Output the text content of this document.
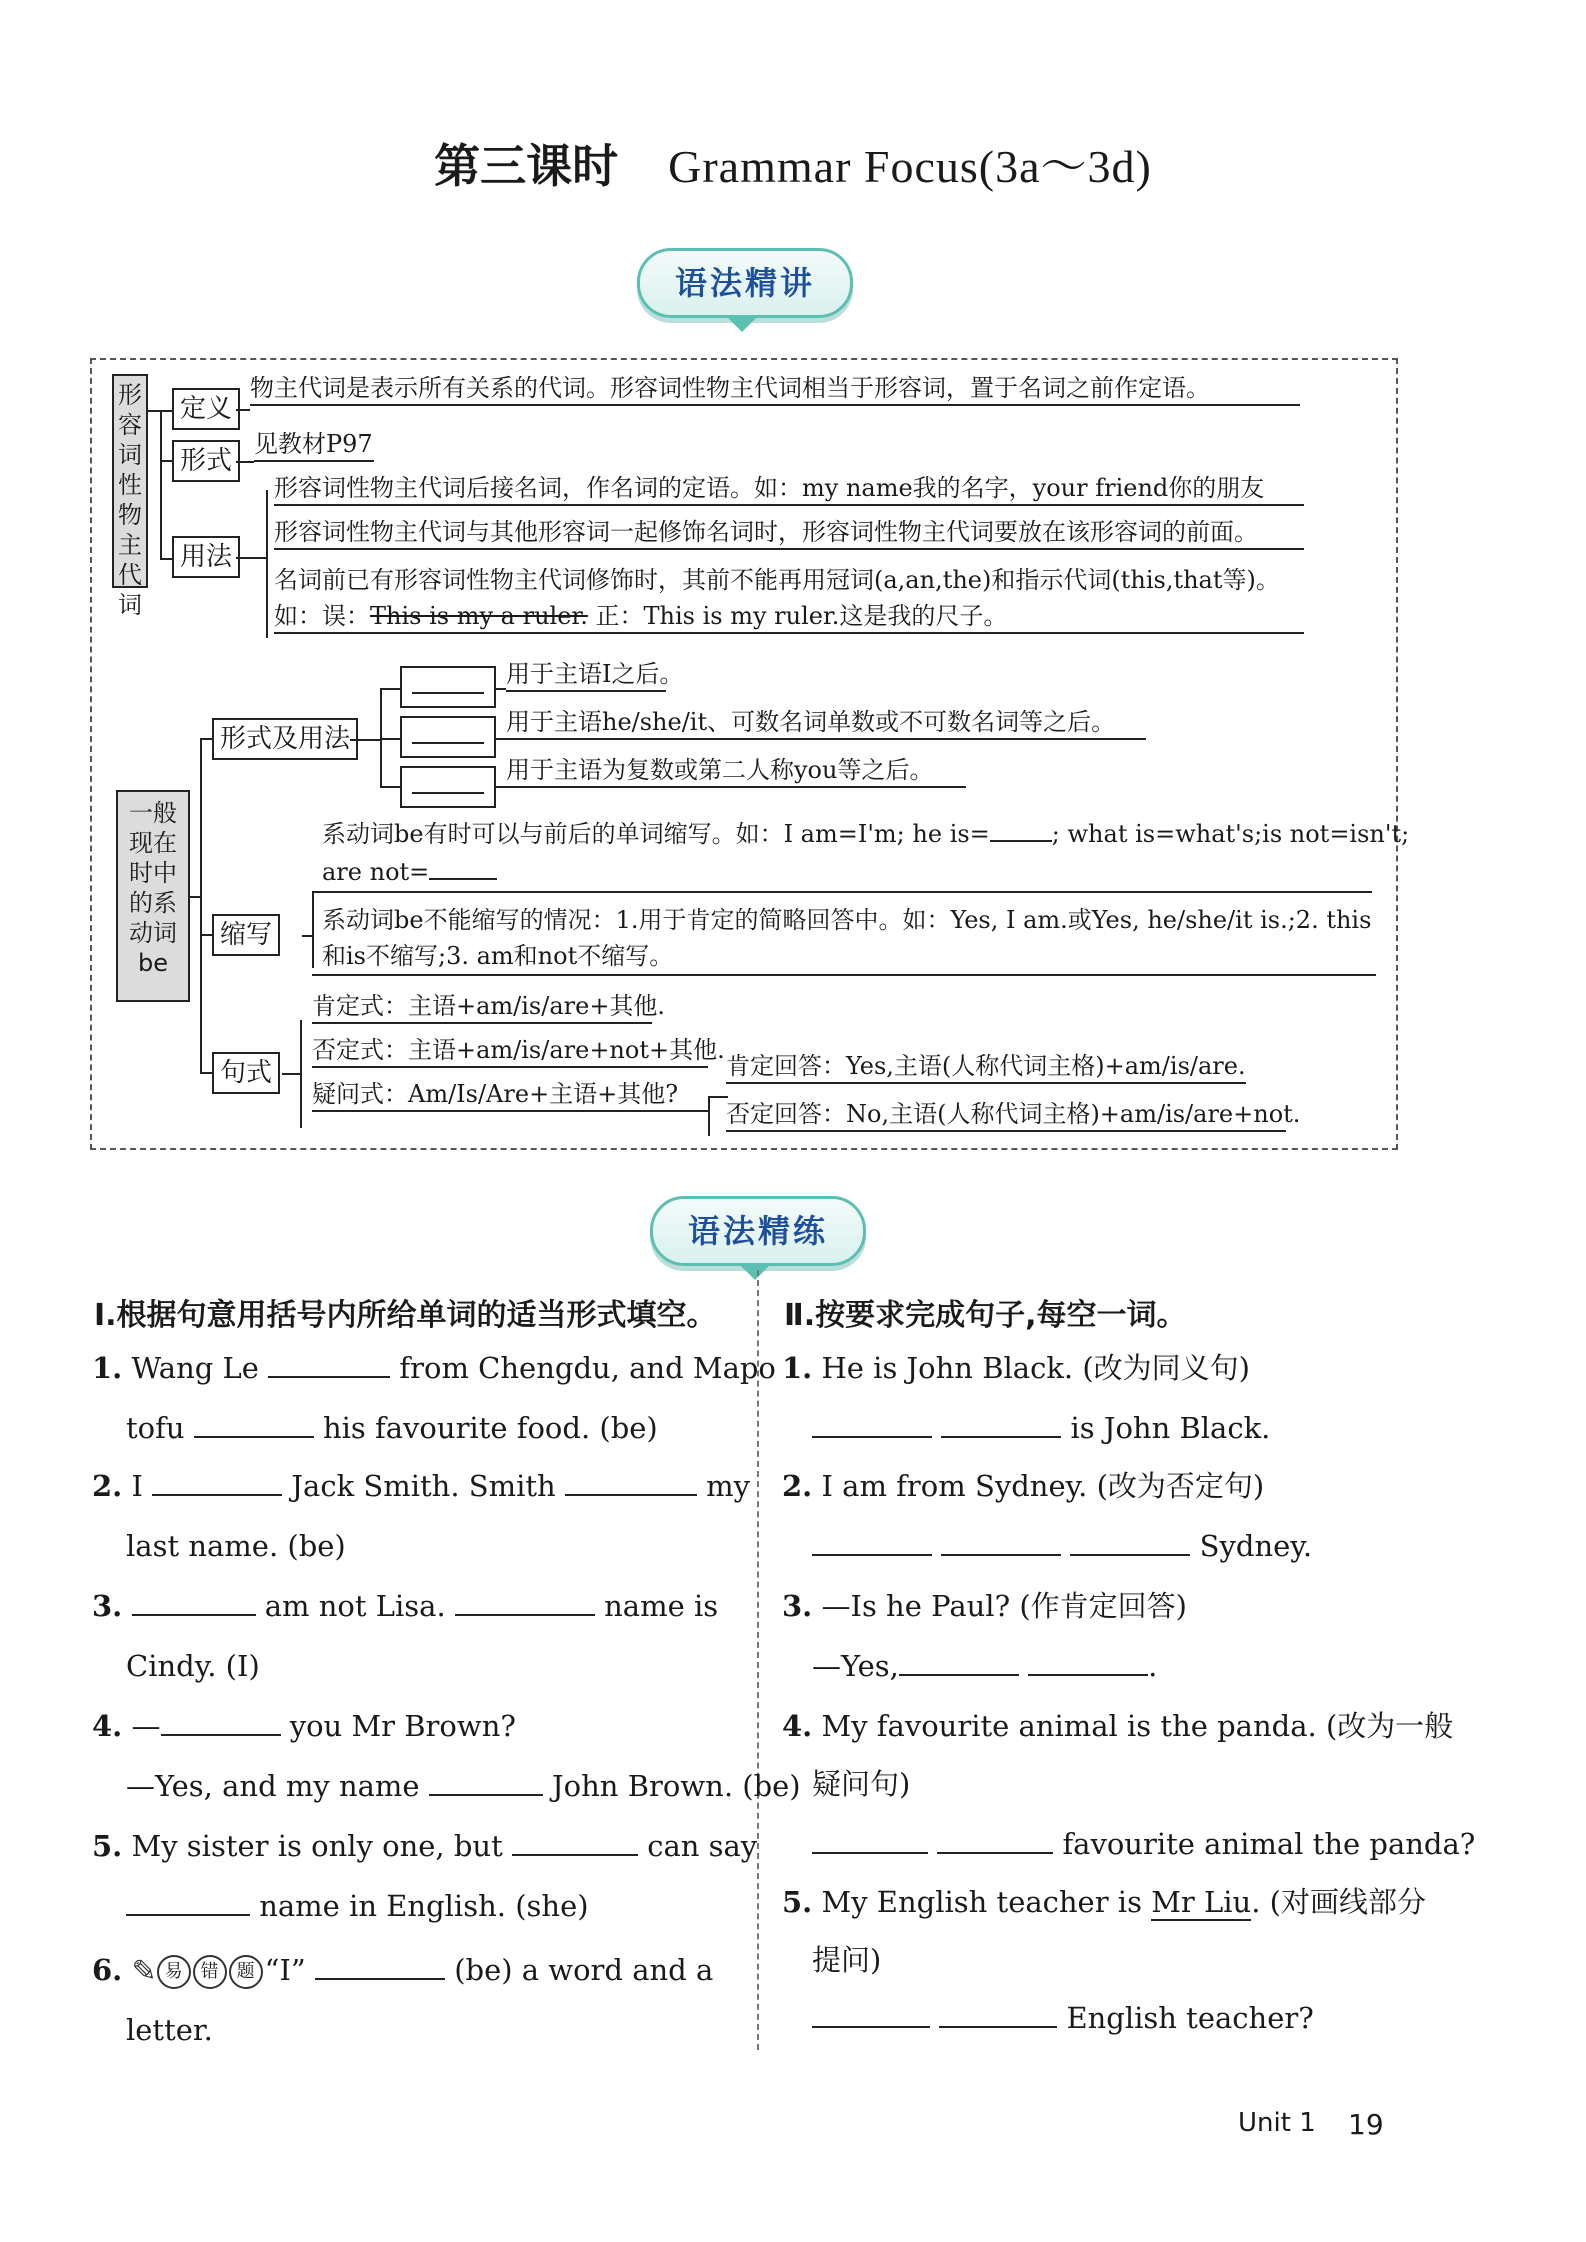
第三课时 Grammar Focus(3a～3d)
语法精讲
形容词性物主代词
定义
物主代词是表示所有关系的代词。形容词性物主代词相当于形容词，置于名词之前作定语。
形式
见教材P97
用法
形容词性物主代词后接名词，作名词的定语。如：my name我的名字，your friend你的朋友
形容词性物主代词与其他形容词一起修饰名词时，形容词性物主代词要放在该形容词的前面。
名词前已有形容词性物主代词修饰时，其前不能再用冠词(a,an,the)和指示代词(this,that等)。
如：误：This is my a ruler. 正：This is my ruler.这是我的尺子。
一般现在时中的系动词be
形式及用法
用于主语I之后。
用于主语he/she/it、可数名词单数或不可数名词等之后。
用于主语为复数或第二人称you等之后。
缩写
系动词be有时可以与前后的单词缩写。如：I am=I'm; he is=	; what is=what's;is not=isn't;
are not=
系动词be不能缩写的情况：1.用于肯定的简略回答中。如：Yes, I am.或Yes, he/she/it is.;2. this
和is不缩写;3. am和not不缩写。
句式
肯定式：主语+am/is/are+其他.
否定式：主语+am/is/are+not+其他.
疑问式：Am/Is/Are+主语+其他?
肯定回答：Yes,主语(人称代词主格)+am/is/are.
否定回答：No,主语(人称代词主格)+am/is/are+not.
语法精练
Ⅰ.根据句意用括号内所给单词的适当形式填空。
1. Wang Le	from Chengdu, and Mapo
tofu	his favourite food. (be)
2. I	Jack Smith. Smith	my
last name. (be)
3.	am not Lisa.	name is
Cindy. (I)
4. —	you Mr Brown?
—Yes, and my name	John Brown. (be)
5. My sister is only one, but	can say
name in English. (she)
6. ✎ 易 错 题 “I”	(be) a word and a
letter.
Ⅱ.按要求完成句子,每空一词。
1. He is John Black. (改为同义句)
is John Black.
2. I am from Sydney. (改为否定句)
Sydney.
3. —Is he Paul? (作肯定回答)
—Yes,	.
4. My favourite animal is the panda. (改为一般
疑问句)
favourite animal the panda?
5. My English teacher is Mr Liu. (对画线部分
提问)
English teacher?
Unit 1 19
